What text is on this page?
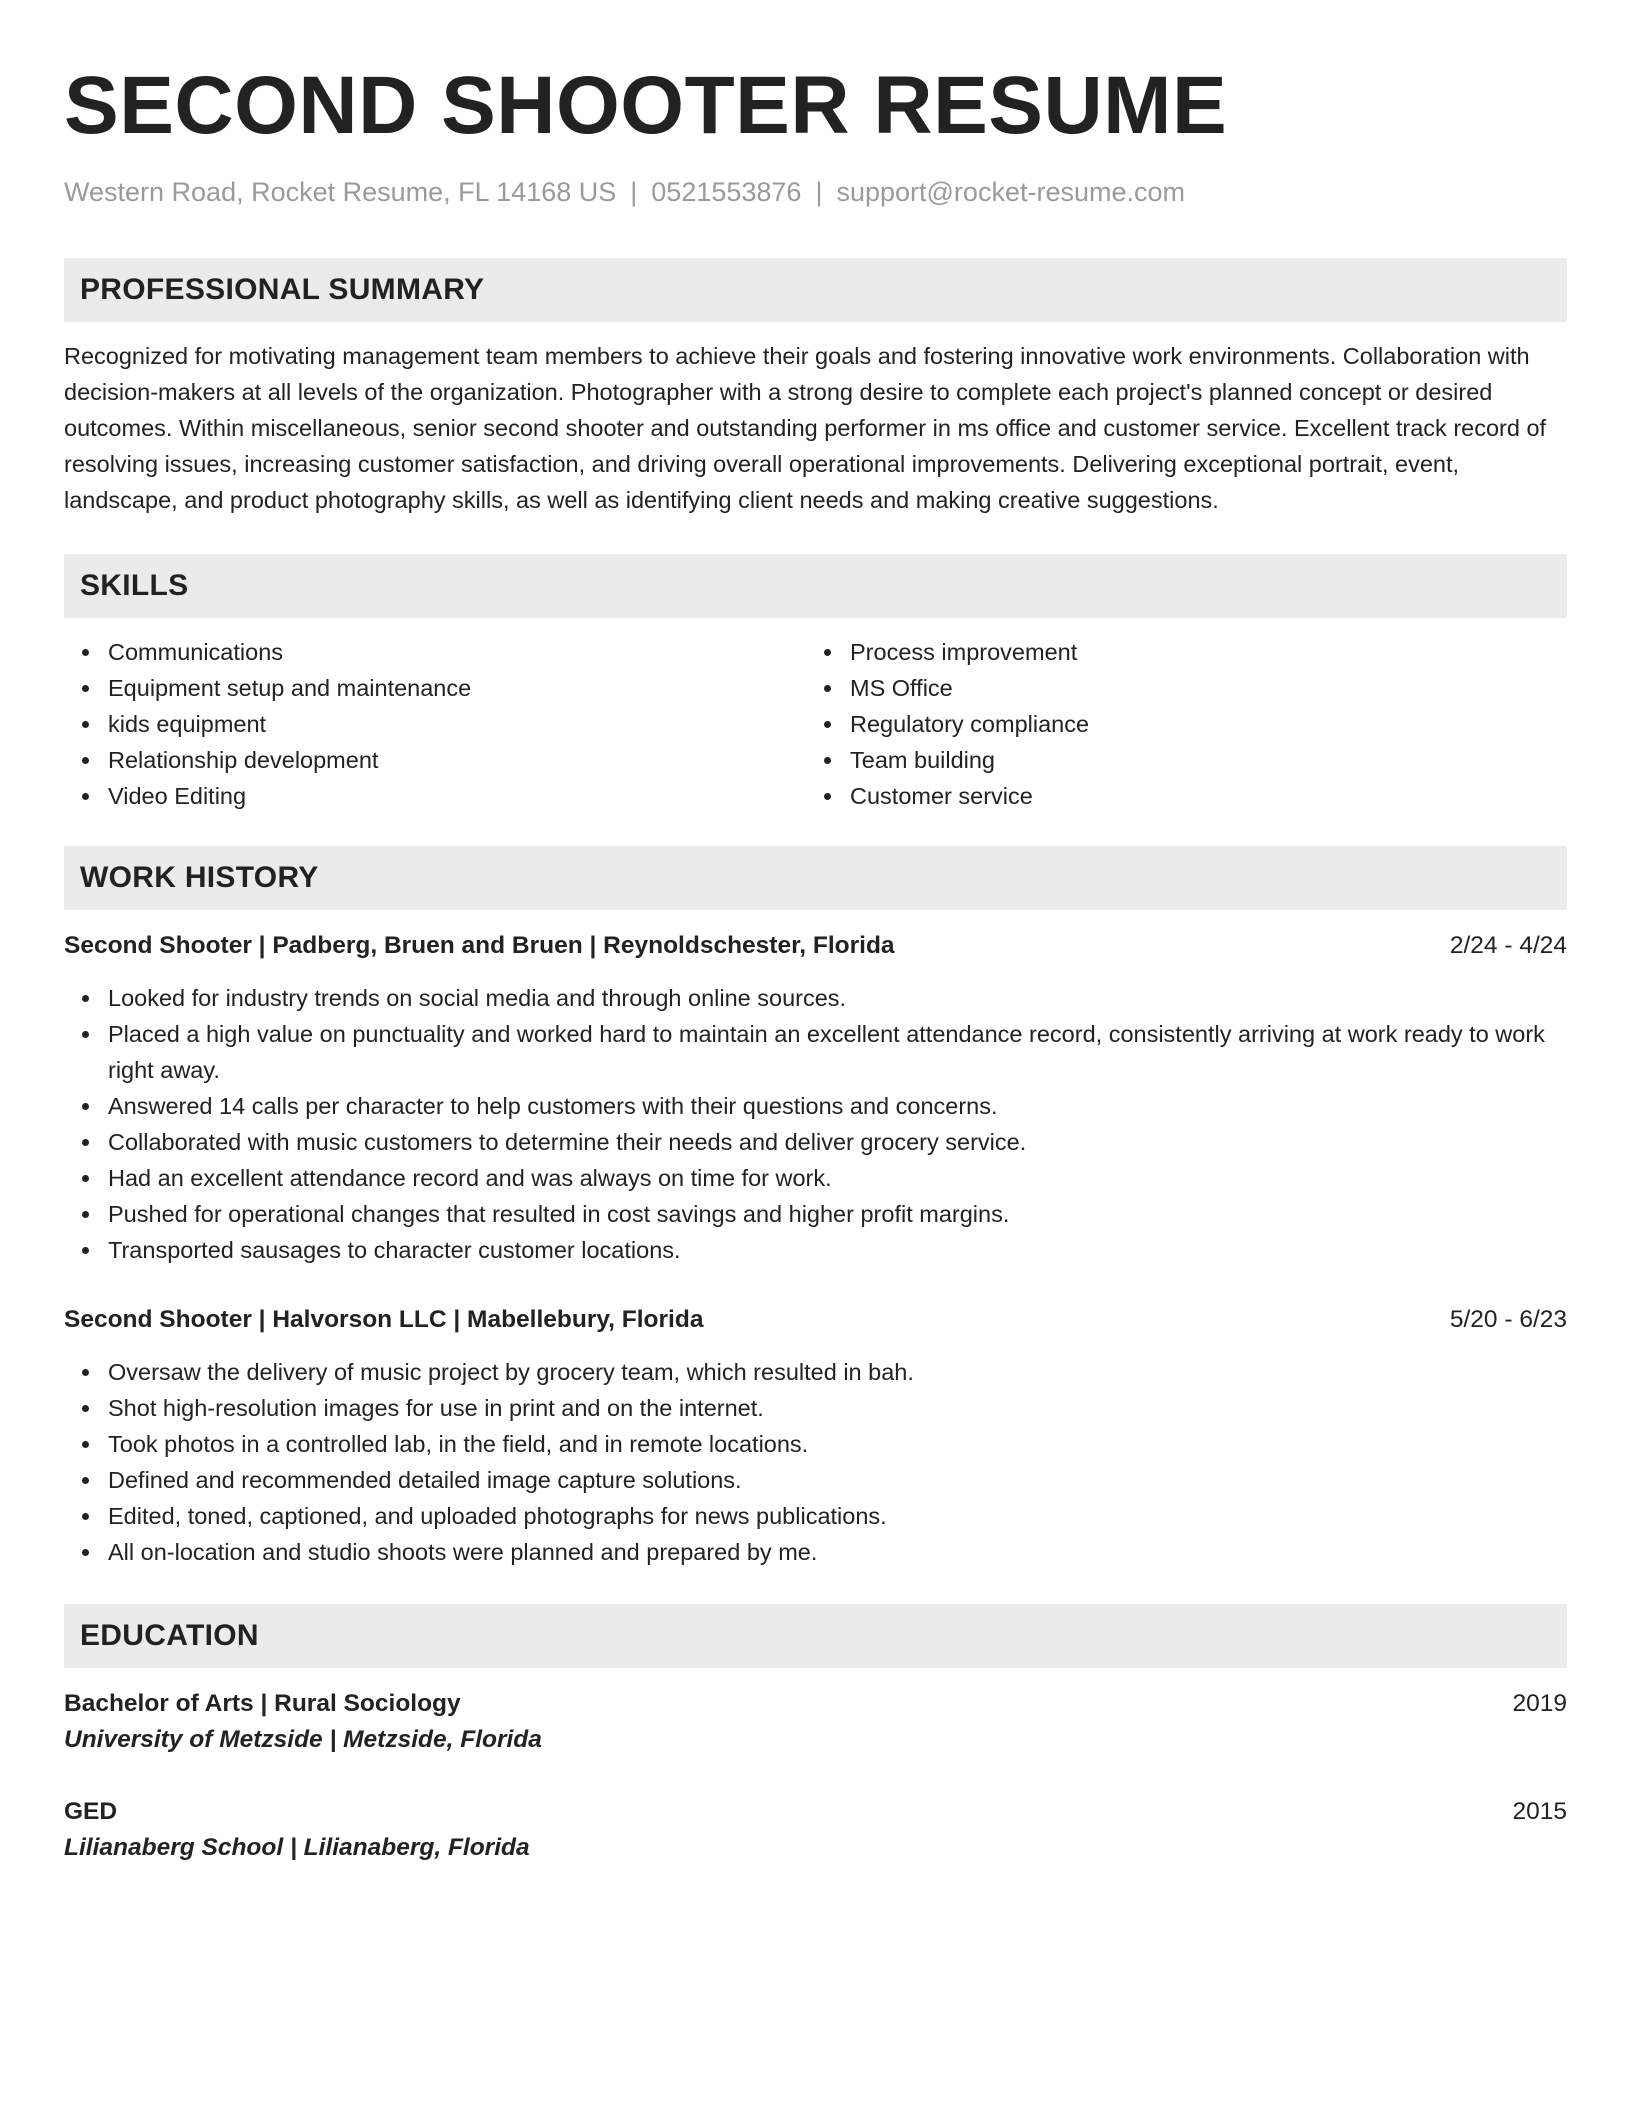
SECOND SHOOTER RESUME
Western Road, Rocket Resume, FL 14168 US | 0521553876 | support@rocket-resume.com
PROFESSIONAL SUMMARY

Recognized for motivating management team members to achieve their goals and fostering innovative work environments. Collaboration with decision-makers at all levels of the organization. Photographer with a strong desire to complete each project's planned concept or desired outcomes. Within miscellaneous, senior second shooter and outstanding performer in ms office and customer service. Excellent track record of resolving issues, increasing customer satisfaction, and driving overall operational improvements. Delivering exceptional portrait, event, landscape, and product photography skills, as well as identifying client needs and making creative suggestions.

SKILLS
Communications
Equipment setup and maintenance
kids equipment
Relationship development
Video Editing
Process improvement
MS Office
Regulatory compliance
Team building
Customer service
WORK HISTORY
Second Shooter | Padberg, Bruen and Bruen | Reynoldschester, Florida	2/24 - 4/24
Looked for industry trends on social media and through online sources.
Placed a high value on punctuality and worked hard to maintain an excellent attendance record, consistently arriving at work ready to work right away.
Answered 14 calls per character to help customers with their questions and concerns.
Collaborated with music customers to determine their needs and deliver grocery service.
Had an excellent attendance record and was always on time for work.
Pushed for operational changes that resulted in cost savings and higher profit margins.
Transported sausages to character customer locations.
Second Shooter | Halvorson LLC | Mabellebury, Florida	5/20 - 6/23
Oversaw the delivery of music project by grocery team, which resulted in bah.
Shot high-resolution images for use in print and on the internet.
Took photos in a controlled lab, in the field, and in remote locations.
Defined and recommended detailed image capture solutions.
Edited, toned, captioned, and uploaded photographs for news publications.
All on-location and studio shoots were planned and prepared by me.
EDUCATION
Bachelor of Arts | Rural Sociology	2019
University of Metzside | Metzside, Florida
GED	2015
Lilianaberg School | Lilianaberg, Florida
